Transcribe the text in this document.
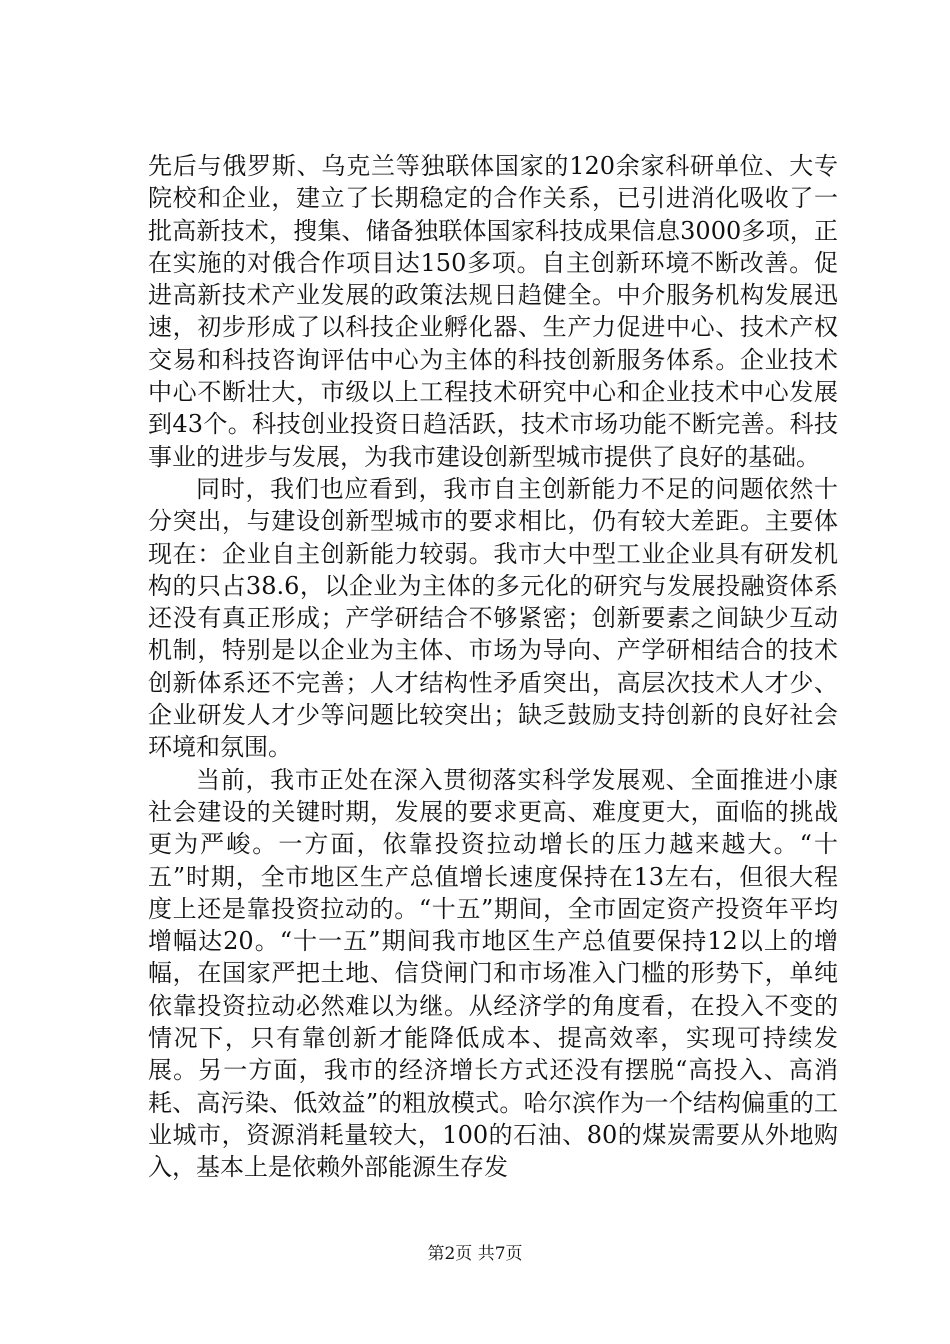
先后与俄罗斯、乌克兰等独联体国家的120余家科研单位、大专院校和企业，建立了长期稳定的合作关系，已引进消化吸收了一批高新技术，搜集、储备独联体国家科技成果信息3000多项，正在实施的对俄合作项目达150多项。自主创新环境不断改善。促进高新技术产业发展的政策法规日趋健全。中介服务机构发展迅速，初步形成了以科技企业孵化器、生产力促进中心、技术产权交易和科技咨询评估中心为主体的科技创新服务体系。企业技术中心不断壮大，市级以上工程技术研究中心和企业技术中心发展到43个。科技创业投资日趋活跃，技术市场功能不断完善。科技事业的进步与发展，为我市建设创新型城市提供了良好的基础。

同时，我们也应看到，我市自主创新能力不足的问题依然十分突出，与建设创新型城市的要求相比，仍有较大差距。主要体现在：企业自主创新能力较弱。我市大中型工业企业具有研发机构的只占38.6，以企业为主体的多元化的研究与发展投融资体系还没有真正形成；产学研结合不够紧密；创新要素之间缺少互动机制，特别是以企业为主体、市场为导向、产学研相结合的技术创新体系还不完善；人才结构性矛盾突出，高层次技术人才少、企业研发人才少等问题比较突出；缺乏鼓励支持创新的良好社会环境和氛围。

当前，我市正处在深入贯彻落实科学发展观、全面推进小康社会建设的关键时期，发展的要求更高、难度更大，面临的挑战更为严峻。一方面，依靠投资拉动增长的压力越来越大。“十五”时期，全市地区生产总值增长速度保持在13左右，但很大程度上还是靠投资拉动的。“十五”期间，全市固定资产投资年平均增幅达20。“十一五”期间我市地区生产总值要保持12以上的增幅，在国家严把土地、信贷闸门和市场准入门槛的形势下，单纯依靠投资拉动必然难以为继。从经济学的角度看，在投入不变的情况下，只有靠创新才能降低成本、提高效率，实现可持续发展。另一方面，我市的经济增长方式还没有摆脱“高投入、高消耗、高污染、低效益”的粗放模式。哈尔滨作为一个结构偏重的工业城市，资源消耗量较大，100的石油、80的煤炭需要从外地购入，基本上是依赖外部能源生存发

第2页 共7页
